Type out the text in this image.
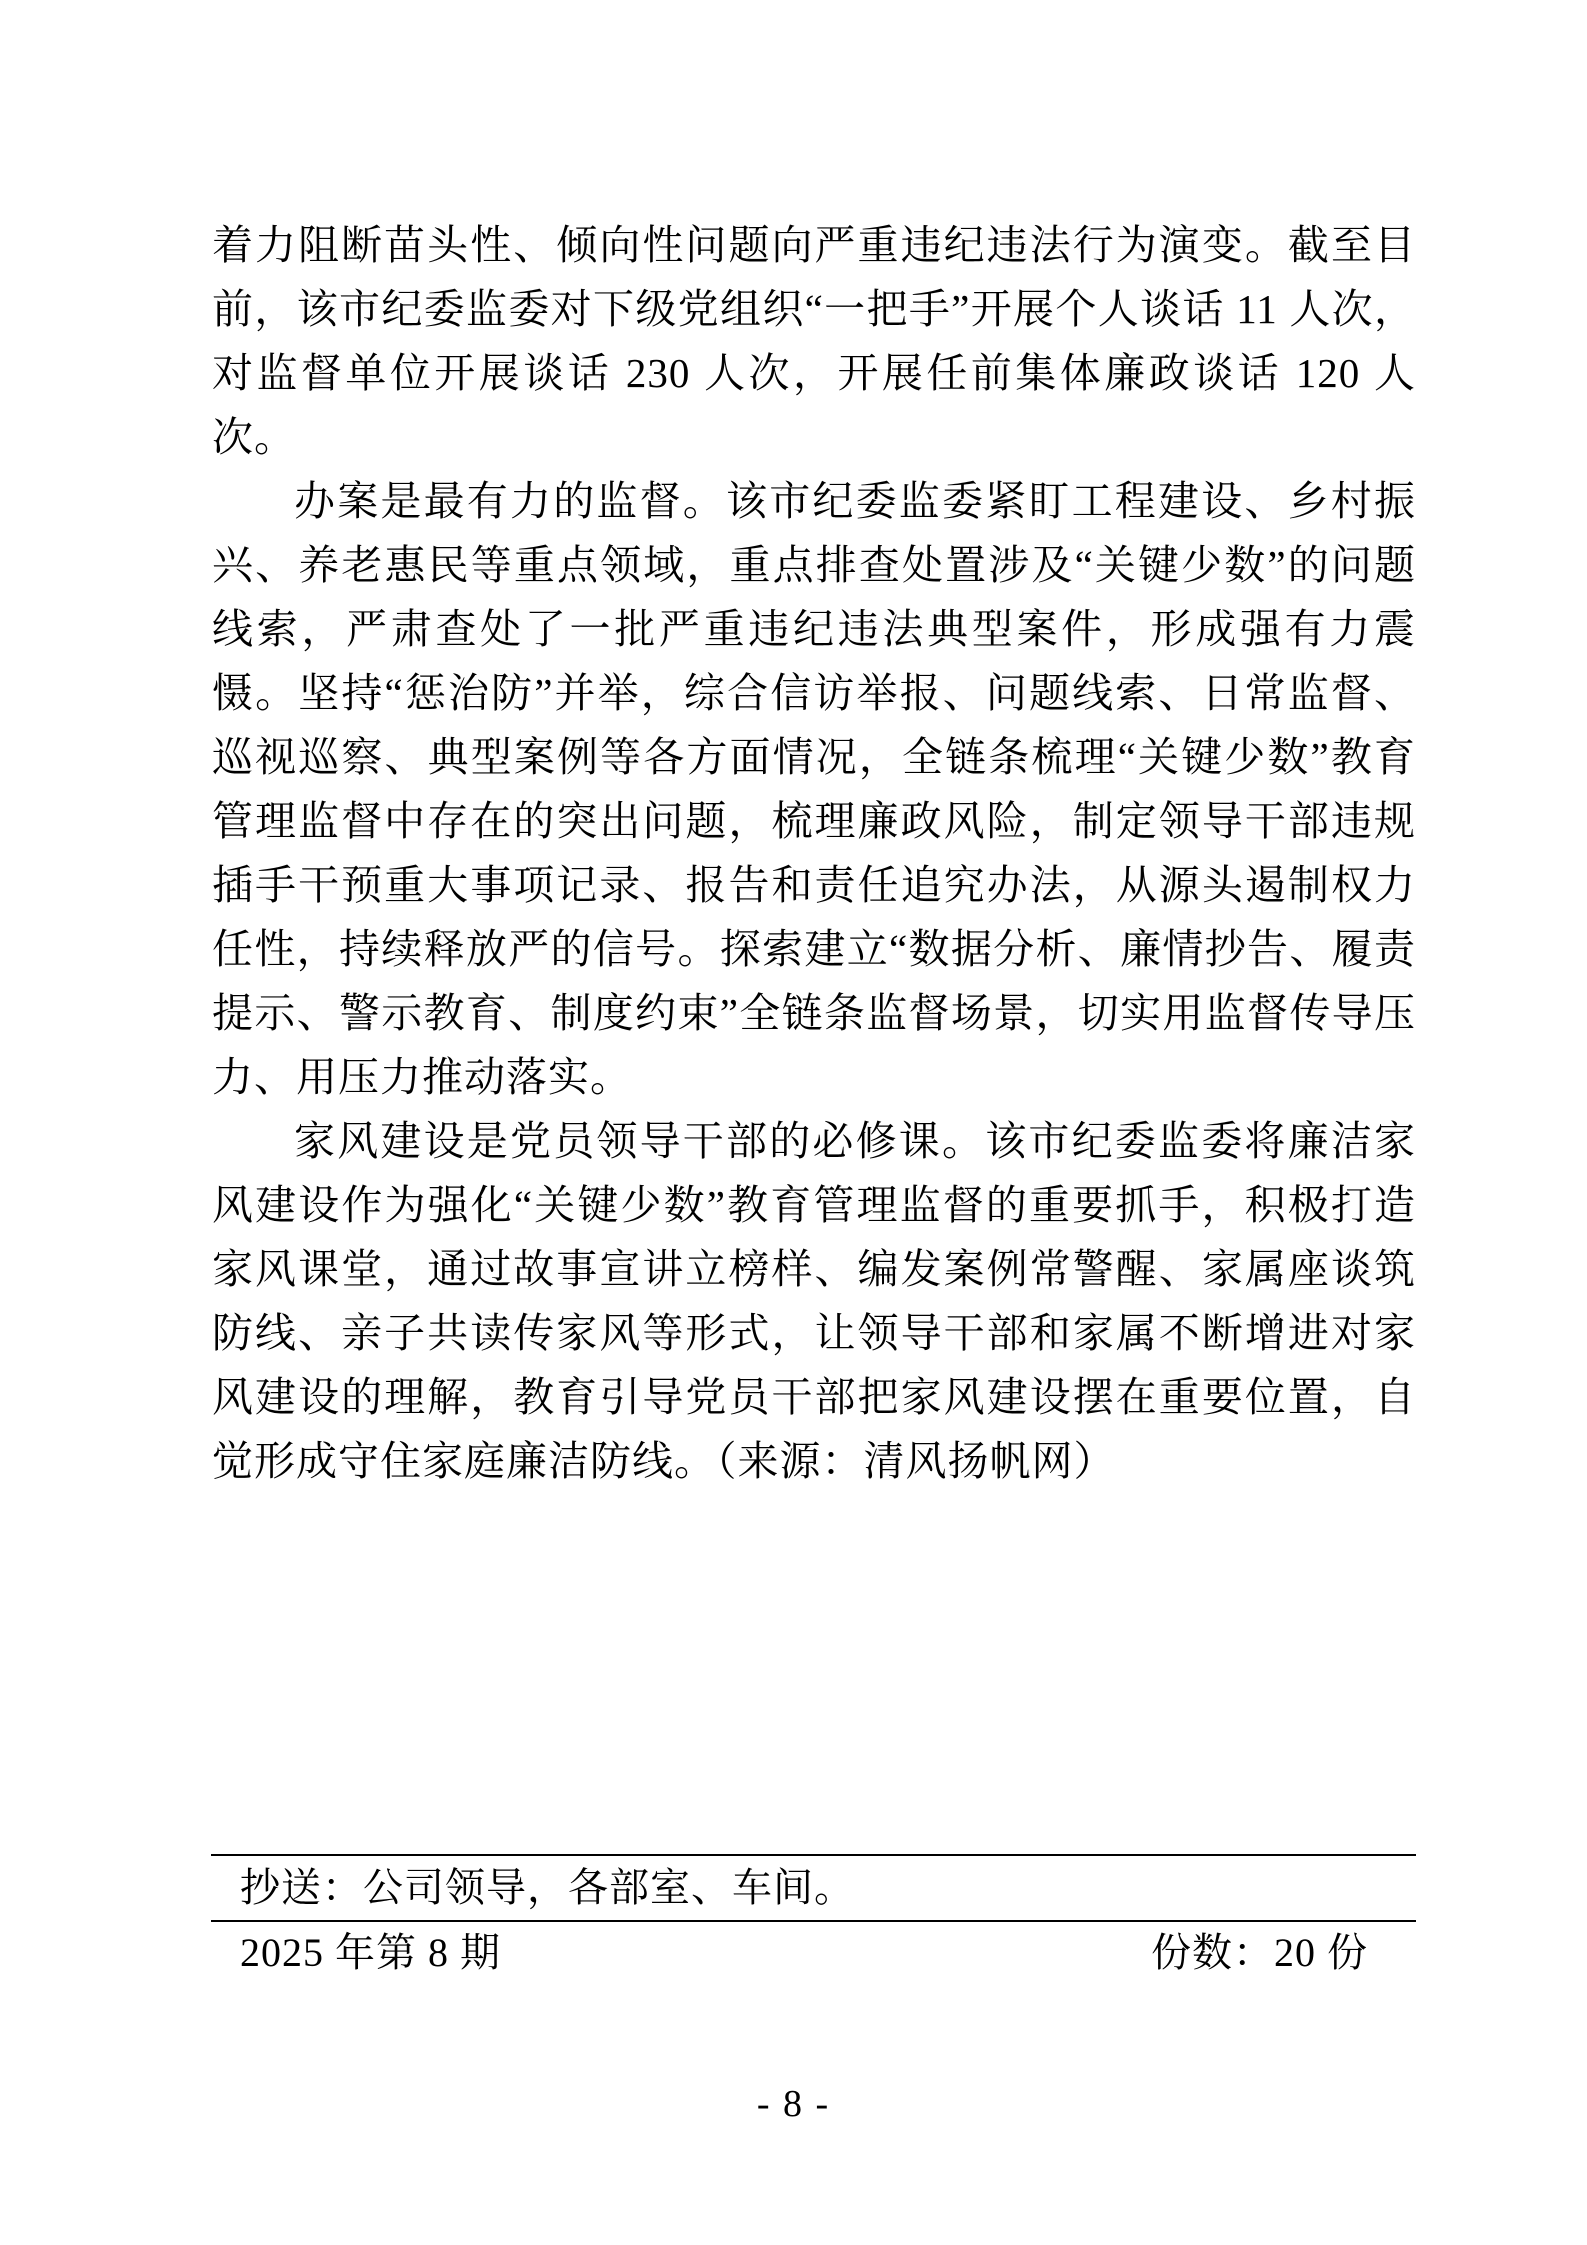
着力阻断苗头性、倾向性问题向严重违纪违法行为演变。截至目前，该市纪委监委对下级党组织“一把手”开展个人谈话 11 人次，对监督单位开展谈话 230 人次，开展任前集体廉政谈话 120 人次。

办案是最有力的监督。该市纪委监委紧盯工程建设、乡村振兴、养老惠民等重点领域，重点排查处置涉及“关键少数”的问题线索，严肃查处了一批严重违纪违法典型案件，形成强有力震慑。坚持“惩治防”并举，综合信访举报、问题线索、日常监督、巡视巡察、典型案例等各方面情况，全链条梳理“关键少数”教育管理监督中存在的突出问题，梳理廉政风险，制定领导干部违规插手干预重大事项记录、报告和责任追究办法，从源头遏制权力任性，持续释放严的信号。探索建立“数据分析、廉情抄告、履责提示、警示教育、制度约束”全链条监督场景，切实用监督传导压力、用压力推动落实。

家风建设是党员领导干部的必修课。该市纪委监委将廉洁家风建设作为强化“关键少数”教育管理监督的重要抓手，积极打造家风课堂，通过故事宣讲立榜样、编发案例常警醒、家属座谈筑防线、亲子共读传家风等形式，让领导干部和家属不断增进对家风建设的理解，教育引导党员干部把家风建设摆在重要位置，自觉形成守住家庭廉洁防线。（来源：清风扬帆网）

抄送：公司领导，各部室、车间。
2025 年第 8 期	份数：20 份
- 8 -
